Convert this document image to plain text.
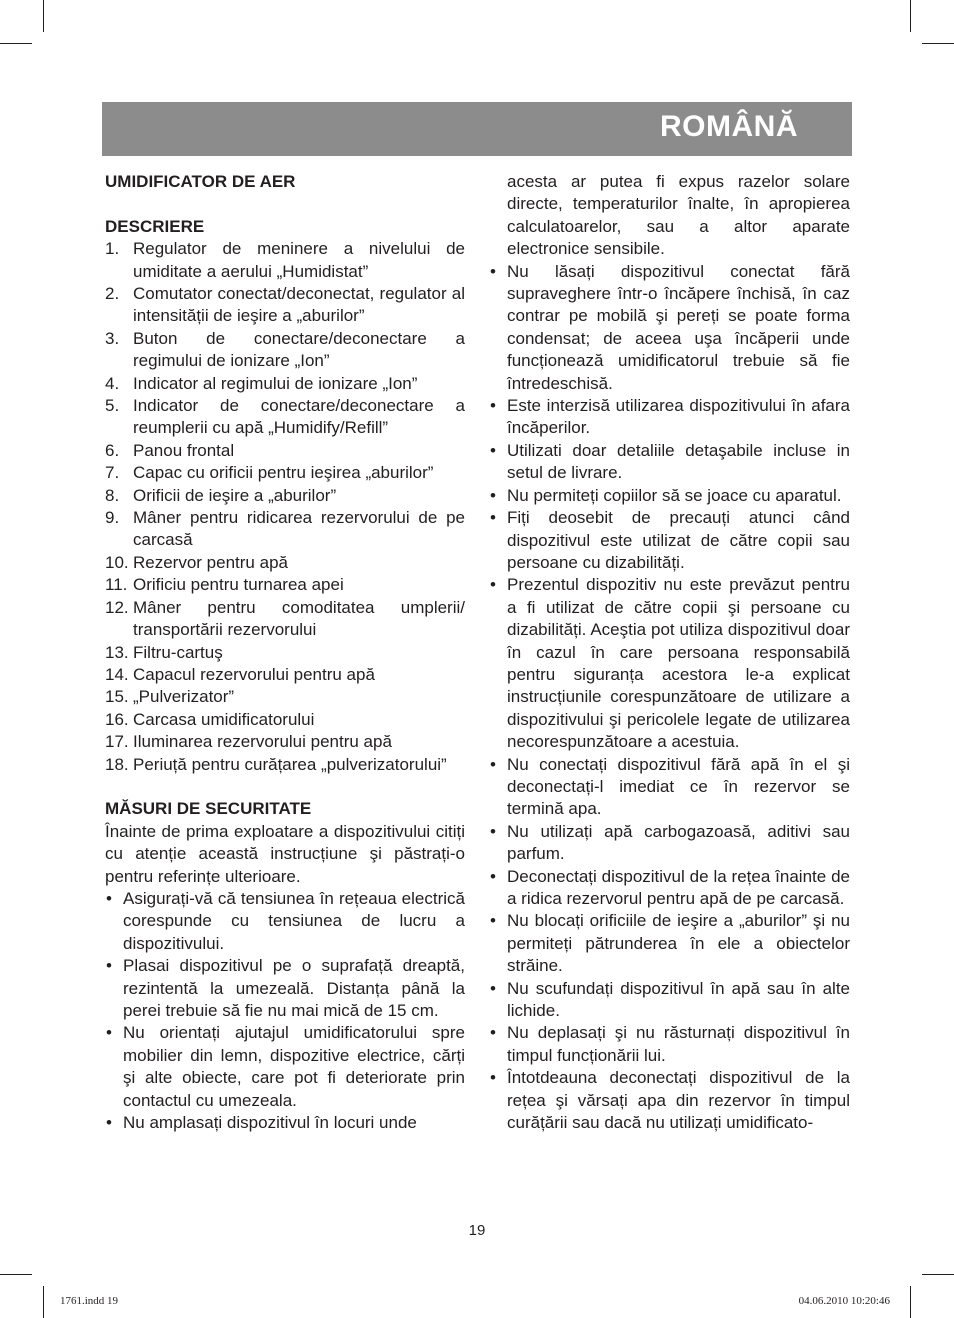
ROMÂNĂ

UMIDIFICATOR DE AER

DESCRIERE

1. Regulator de meninere a nivelului de umiditate a aerului „Humidistat”
2. Comutator conectat/deconectat, regulator al intensității de ieşire a „aburilor”
3. Buton de conectare/deconectare a regimului de ionizare „Ion”
4. Indicator al regimului de ionizare „Ion”
5. Indicator de conectare/deconectare a reumplerii cu apă „Humidify/Refill”
6. Panou frontal
7. Capac cu orificii pentru ieşirea „aburilor”
8. Orificii de ieşire a „aburilor”
9. Mâner pentru ridicarea rezervorului de pe carcasă
10. Rezervor pentru apă
11. Orificiu pentru turnarea apei
12. Mâner pentru comoditatea umplerii/ transportării rezervorului
13. Filtru-cartuş
14. Capacul rezervorului pentru apă
15. „Pulverizator”
16. Carcasa umidificatorului
17. Iluminarea rezervorului pentru apă
18. Periuță pentru curățarea „pulverizatorului”

MĂSURI DE SECURITATE

Înainte de prima exploatare a dispozitivului citiți cu atenție această instrucțiune şi păstrați-o pentru referințe ulterioare.

• Asigurați-vă că tensiunea în rețeaua electrică corespunde cu tensiunea de lucru a dispozitivului.
• Plasai dispozitivul pe o suprafață dreaptă, rezintentă la umezeală. Distanța până la perei trebuie să fie nu mai mică de 15 cm.
• Nu orientați ajutajul umidificatorului spre mobilier din lemn, dispozitive electrice, cărți şi alte obiecte, care pot fi deteriorate prin contactul cu umezeala.
• Nu amplasați dispozitivul în locuri unde

acesta ar putea fi expus razelor solare directe, temperaturilor înalte, în apropierea calculatoarelor, sau a altor aparate electronice sensibile.

• Nu lăsați dispozitivul conectat fără supraveghere într-o încăpere închisă, în caz contrar pe mobilă şi pereți se poate forma condensat; de aceea uşa încăperii unde funcționează umidificatorul trebuie să fie întredeschisă.
• Este interzisă utilizarea dispozitivului în afara încăperilor.
• Utilizati doar detaliile detaşabile incluse in setul de livrare.
• Nu permiteți copiilor să se joace cu aparatul.
• Fiți deosebit de precauți atunci când dispozitivul este utilizat de către copii sau persoane cu dizabilități.
• Prezentul dispozitiv nu este prevăzut pentru a fi utilizat de către copii şi persoane cu dizabilități. Aceştia pot utiliza dispozitivul doar în cazul în care persoana responsabilă pentru siguranța acestora le-a explicat instrucțiunile corespunzătoare de utilizare a dispozitivului şi pericolele legate de utilizarea necorespunzătoare a acestuia.
• Nu conectați dispozitivul fără apă în el şi deconectați-l imediat ce în rezervor se termină apa.
• Nu utilizați apă carbogazoasă, aditivi sau parfum.
• Deconectați dispozitivul de la rețea înainte de a ridica rezervorul pentru apă de pe carcasă.
• Nu blocați orificiile de ieşire a „aburilor” şi nu permiteți pătrunderea în ele a obiectelor străine.
• Nu scufundați dispozitivul în apă sau în alte lichide.
• Nu deplasați şi nu răsturnați dispozitivul în timpul funcționării lui.
• Întotdeauna deconectați dispozitivul de la rețea şi vărsați apa din rezervor în timpul curățării sau dacă nu utilizați umidificato-
19
1761.indd 19	04.06.2010 10:20:46
